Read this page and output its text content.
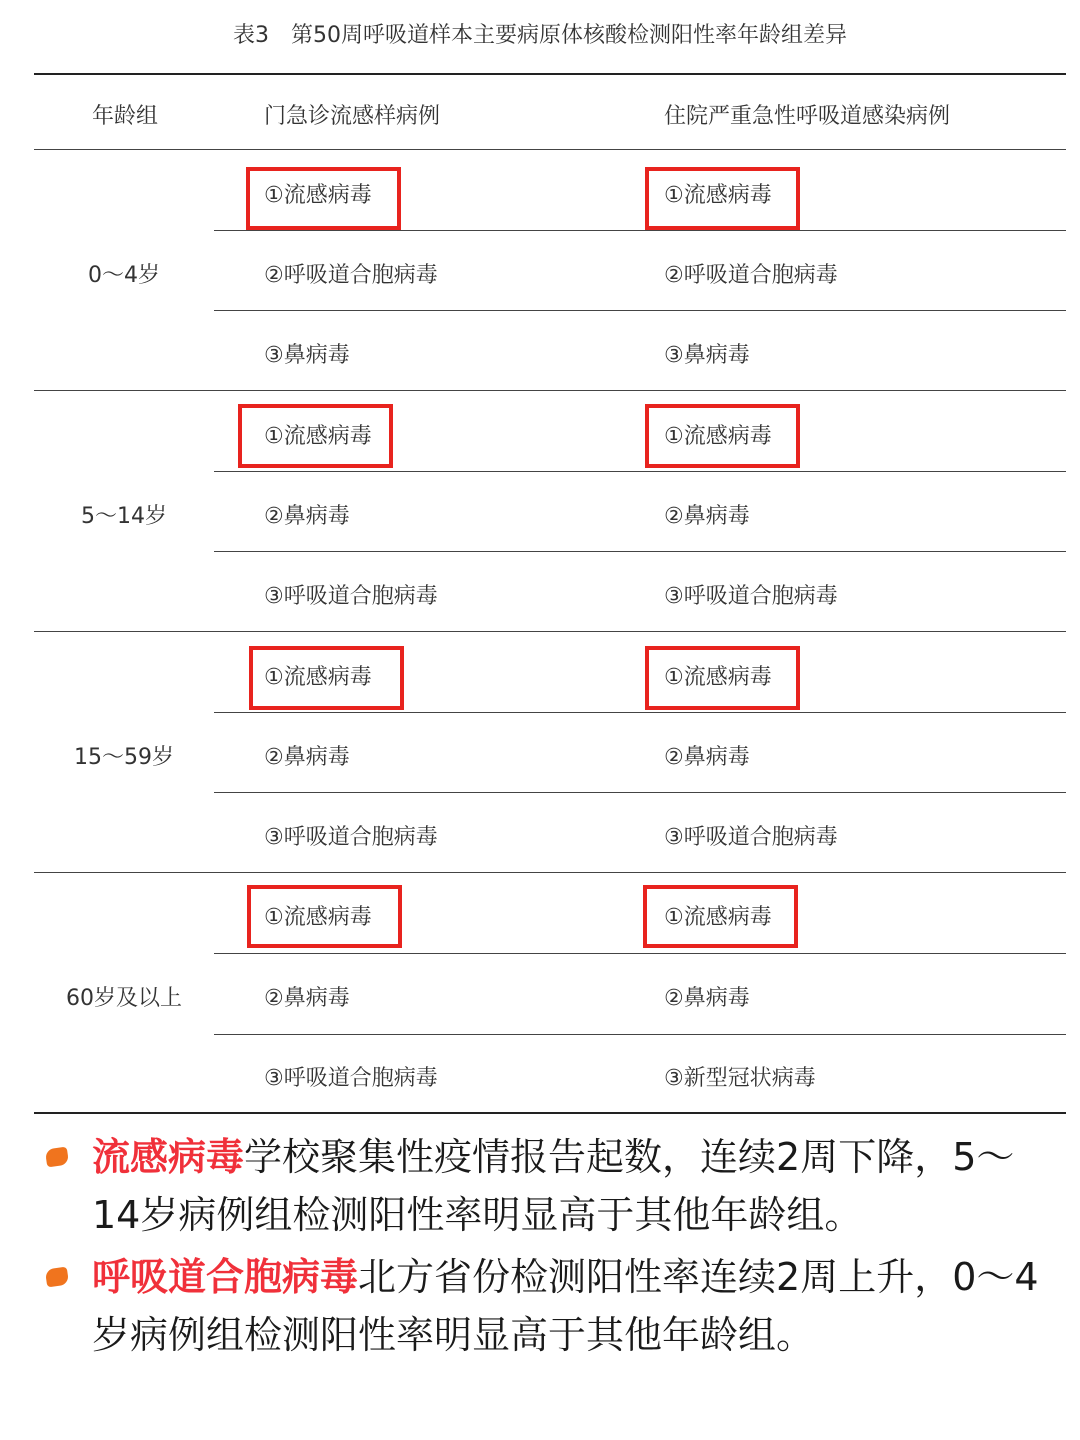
表3　第50周呼吸道样本主要病原体核酸检测阳性率年龄组差异
年龄组	门急诊流感样病例	住院严重急性呼吸道感染病例
0～4岁
①流感病毒	①流感病毒
②呼吸道合胞病毒	②呼吸道合胞病毒
③鼻病毒	③鼻病毒
5～14岁
①流感病毒	①流感病毒
②鼻病毒	②鼻病毒
③呼吸道合胞病毒	③呼吸道合胞病毒
15～59岁
①流感病毒	①流感病毒
②鼻病毒	②鼻病毒
③呼吸道合胞病毒	③呼吸道合胞病毒
60岁及以上
①流感病毒	①流感病毒
②鼻病毒	②鼻病毒
③呼吸道合胞病毒	③新型冠状病毒
流感病毒学校聚集性疫情报告起数，连续2周下降，5～14岁病例组检测阳性率明显高于其他年龄组。
呼吸道合胞病毒北方省份检测阳性率连续2周上升，0～4岁病例组检测阳性率明显高于其他年龄组。
